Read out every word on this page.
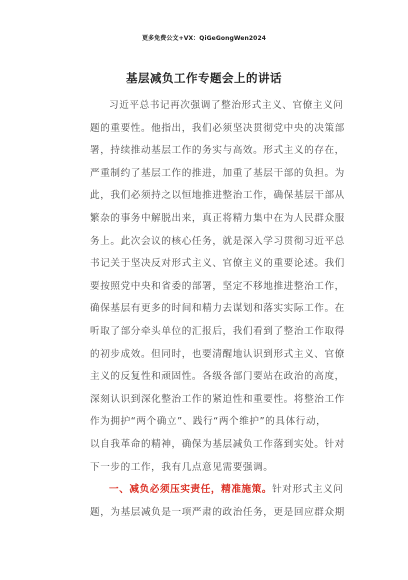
更多免费公文+VX：QiGeGongWen2024
基层减负工作专题会上的讲话
习近平总书记再次强调了整治形式主义、官僚主义问
题的重要性。他指出，我们必须坚决贯彻党中央的决策部
署，持续推动基层工作的务实与高效。形式主义的存在，
严重制约了基层工作的推进，加重了基层干部的负担。为
此，我们必须持之以恒地推进整治工作，确保基层干部从
繁杂的事务中解脱出来，真正将精力集中在为人民群众服
务上。此次会议的核心任务，就是深入学习贯彻习近平总
书记关于坚决反对形式主义、官僚主义的重要论述。我们
要按照党中央和省委的部署，坚定不移地推进整治工作，
确保基层有更多的时间和精力去谋划和落实实际工作。在
听取了部分牵头单位的汇报后，我们看到了整治工作取得
的初步成效。但同时，也要清醒地认识到形式主义、官僚
主义的反复性和顽固性。各级各部门要站在政治的高度，
深刻认识到深化整治工作的紧迫性和重要性。将整治工作
作为拥护“两个确立”、践行“两个维护”的具体行动，
以自我革命的精神，确保为基层减负工作落到实处。针对
下一步的工作，我有几点意见需要强调。
一、减负必须压实责任，精准施策。针对形式主义问
题，为基层减负是一项严肃的政治任务，更是回应群众期
